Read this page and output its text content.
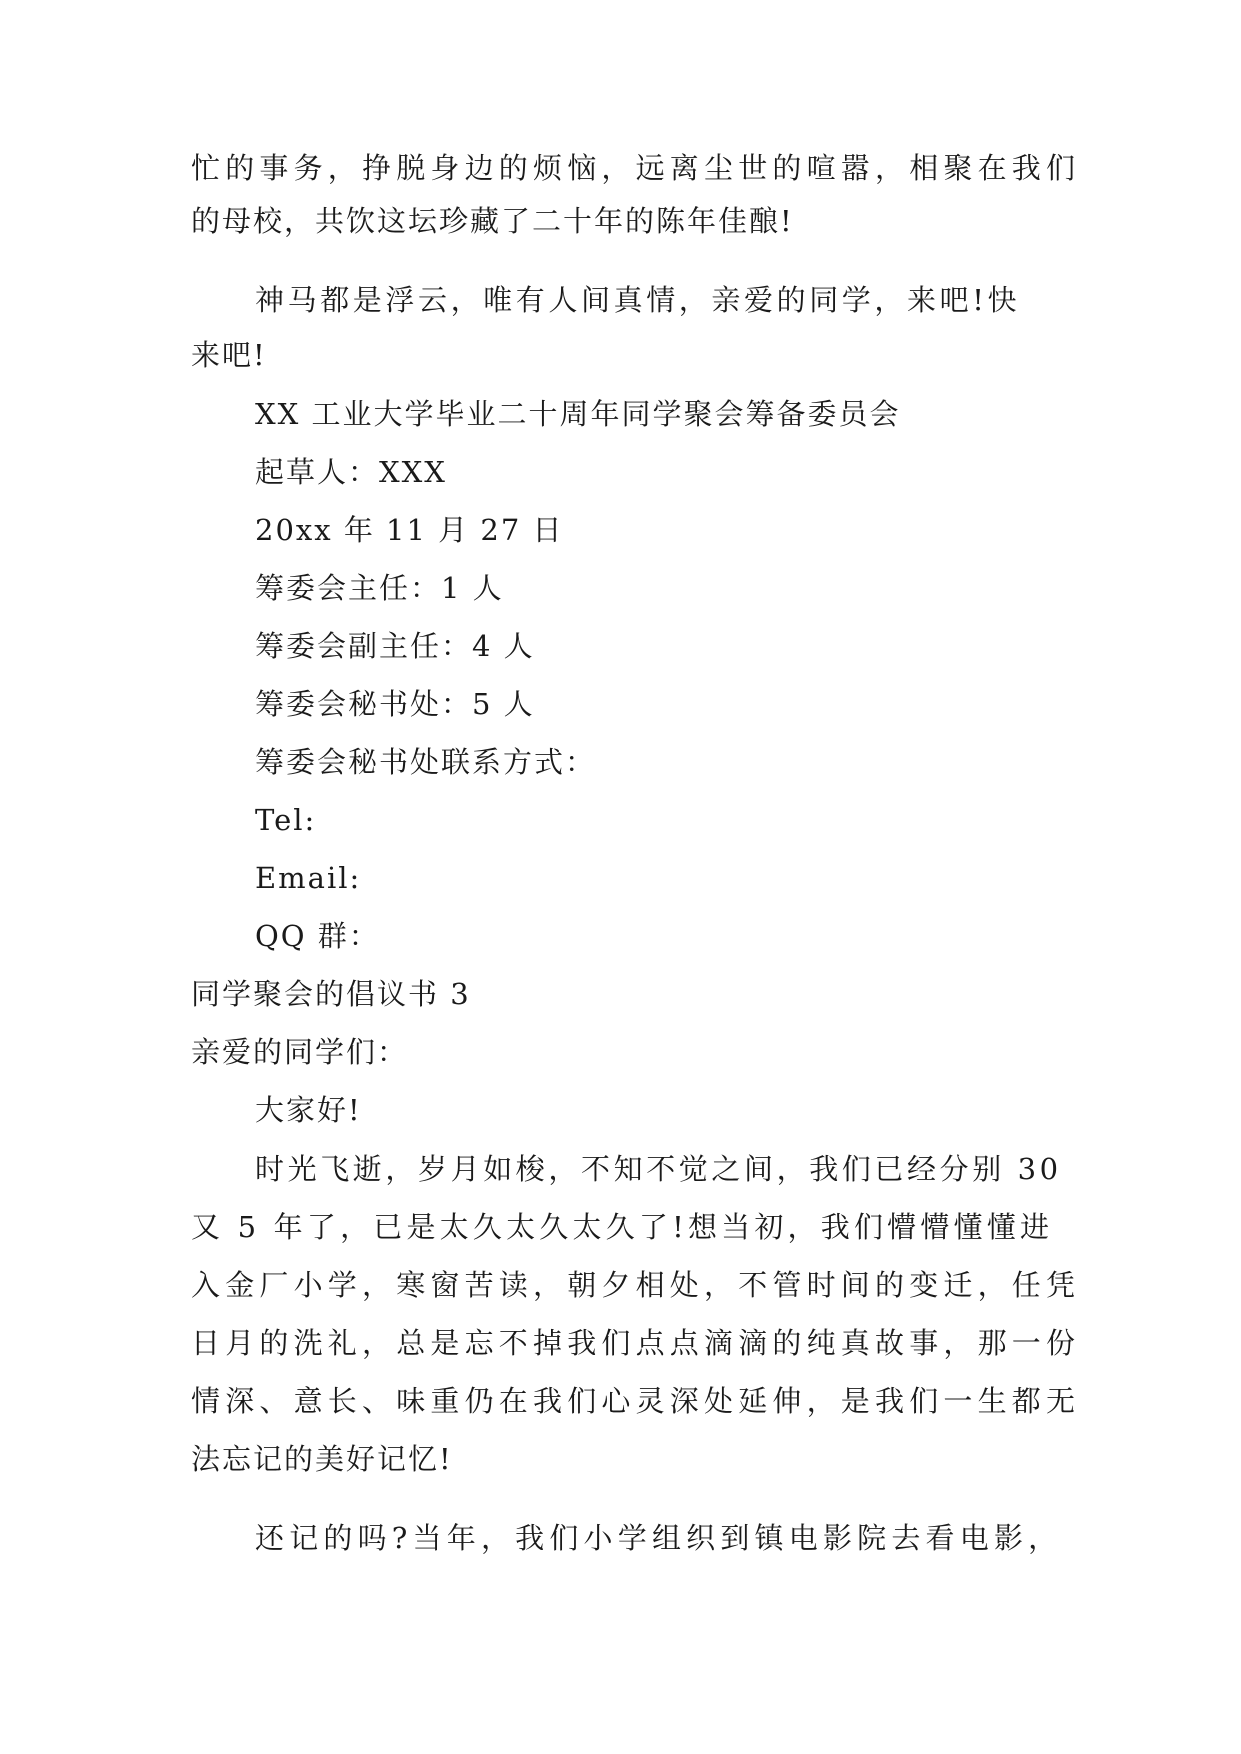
忙的事务，挣脱身边的烦恼，远离尘世的喧嚣，相聚在我们
的母校，共饮这坛珍藏了二十年的陈年佳酿!
神马都是浮云，唯有人间真情，亲爱的同学，来吧!快
来吧!
XX 工业大学毕业二十周年同学聚会筹备委员会
起草人：XXX
20xx 年 11 月 27 日
筹委会主任：1 人
筹委会副主任：4 人
筹委会秘书处：5 人
筹委会秘书处联系方式：
Tel:
Email:
QQ 群：
同学聚会的倡议书 3
亲爱的同学们：
大家好!
时光飞逝，岁月如梭，不知不觉之间，我们已经分别 30
又 5 年了，已是太久太久太久了!想当初，我们懵懵懂懂进
入金厂小学，寒窗苦读，朝夕相处，不管时间的变迁，任凭
日月的洗礼，总是忘不掉我们点点滴滴的纯真故事，那一份
情深、意长、味重仍在我们心灵深处延伸，是我们一生都无
法忘记的美好记忆!
还记的吗?当年，我们小学组织到镇电影院去看电影，
